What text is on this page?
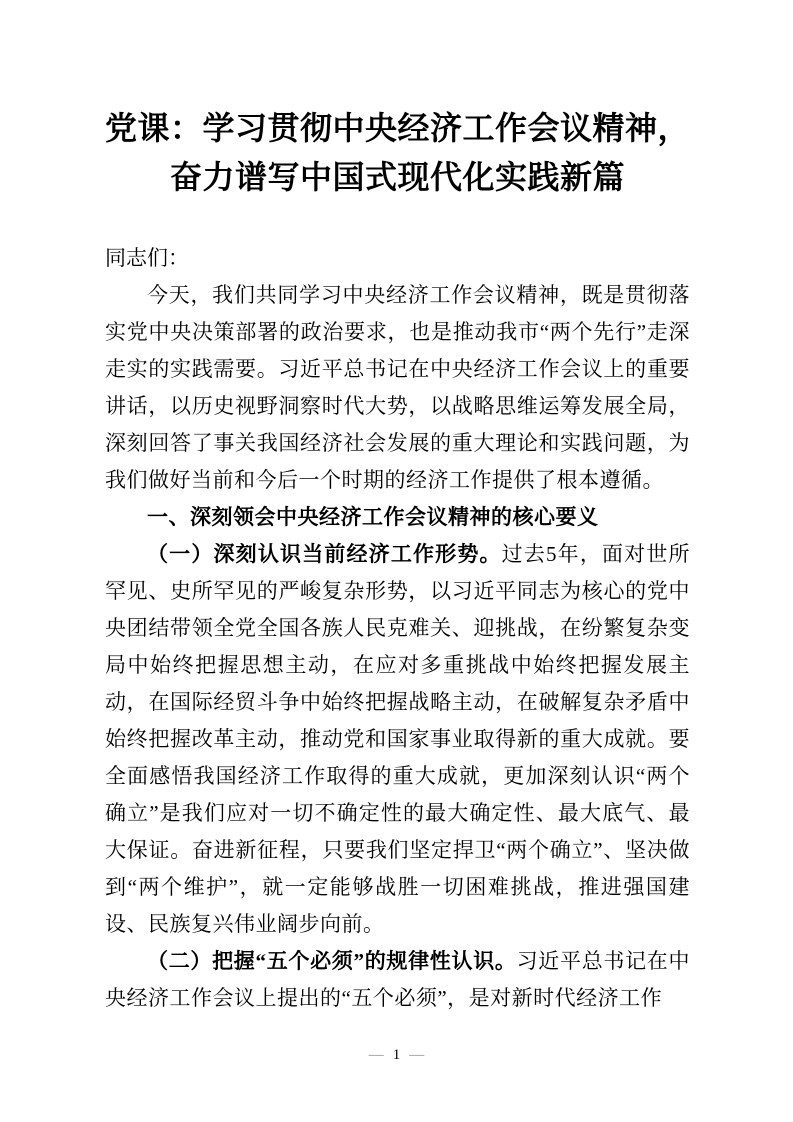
党课：学习贯彻中央经济工作会议精神，
奋力谱写中国式现代化实践新篇

同志们：

今天，我们共同学习中央经济工作会议精神，既是贯彻落实党中央决策部署的政治要求，也是推动我市“两个先行”走深走实的实践需要。习近平总书记在中央经济工作会议上的重要讲话，以历史视野洞察时代大势，以战略思维运筹发展全局，深刻回答了事关我国经济社会发展的重大理论和实践问题，为我们做好当前和今后一个时期的经济工作提供了根本遵循。

一、深刻领会中央经济工作会议精神的核心要义

（一）深刻认识当前经济工作形势。过去5年，面对世所罕见、史所罕见的严峻复杂形势，以习近平同志为核心的党中央团结带领全党全国各族人民克难关、迎挑战，在纷繁复杂变局中始终把握思想主动，在应对多重挑战中始终把握发展主动，在国际经贸斗争中始终把握战略主动，在破解复杂矛盾中始终把握改革主动，推动党和国家事业取得新的重大成就。要全面感悟我国经济工作取得的重大成就，更加深刻认识“两个确立”是我们应对一切不确定性的最大确定性、最大底气、最大保证。奋进新征程，只要我们坚定捍卫“两个确立”、坚决做到“两个维护”，就一定能够战胜一切困难挑战，推进强国建设、民族复兴伟业阔步向前。

（二）把握“五个必须”的规律性认识。习近平总书记在中央经济工作会议上提出的“五个必须”，是对新时代经济工作

— 1 —
